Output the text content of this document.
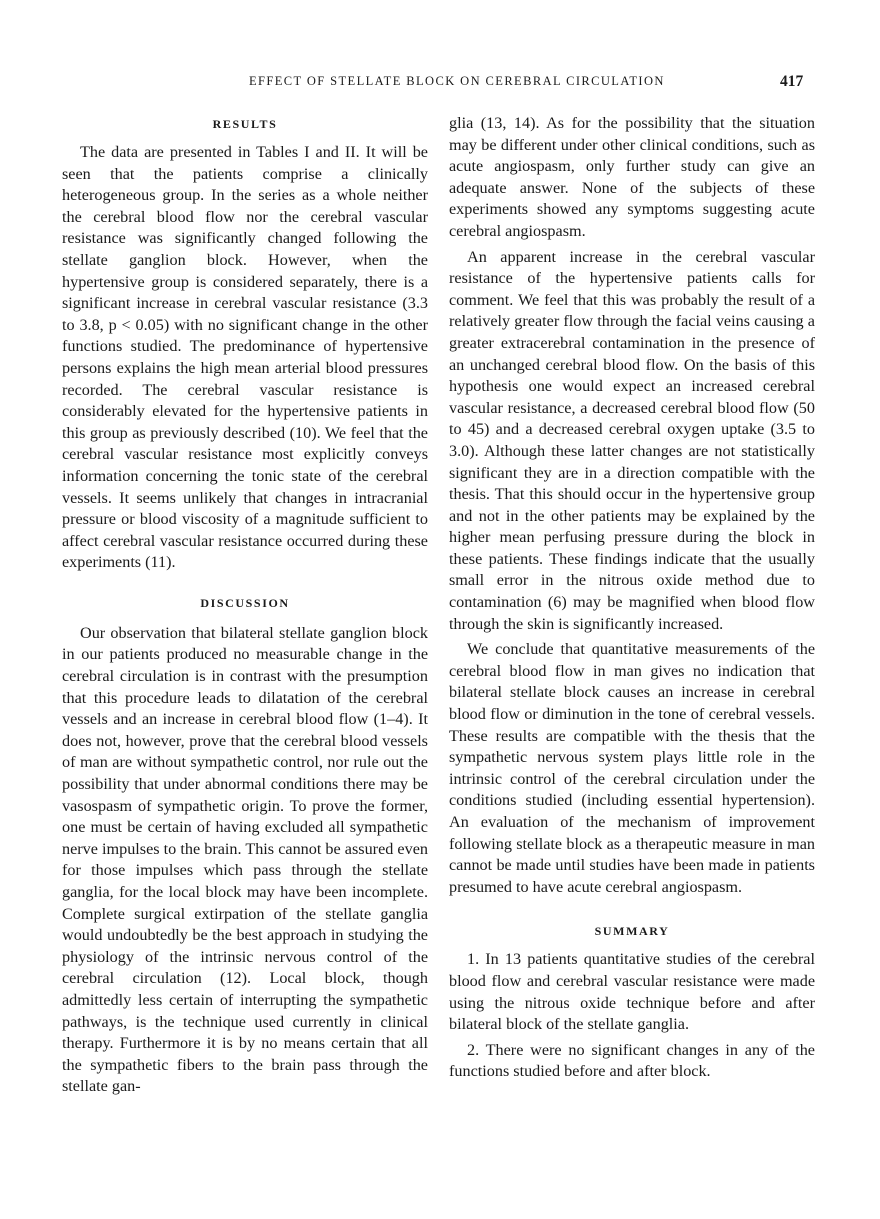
EFFECT OF STELLATE BLOCK ON CEREBRAL CIRCULATION	417
RESULTS

The data are presented in Tables I and II. It will be seen that the patients comprise a clinically heterogeneous group. In the series as a whole neither the cerebral blood flow nor the cerebral vascular resistance was significantly changed following the stellate ganglion block. However, when the hypertensive group is considered separately, there is a significant increase in cerebral vascular resistance (3.3 to 3.8, p < 0.05) with no significant change in the other functions studied. The predominance of hypertensive persons explains the high mean arterial blood pressures recorded. The cerebral vascular resistance is considerably elevated for the hypertensive patients in this group as previously described (10). We feel that the cerebral vascular resistance most explicitly conveys information concerning the tonic state of the cerebral vessels. It seems unlikely that changes in intracranial pressure or blood viscosity of a magnitude sufficient to affect cerebral vascular resistance occurred during these experiments (11).

DISCUSSION

Our observation that bilateral stellate ganglion block in our patients produced no measurable change in the cerebral circulation is in contrast with the presumption that this procedure leads to dilatation of the cerebral vessels and an increase in cerebral blood flow (1–4). It does not, however, prove that the cerebral blood vessels of man are without sympathetic control, nor rule out the possibility that under abnormal conditions there may be vasospasm of sympathetic origin. To prove the former, one must be certain of having excluded all sympathetic nerve impulses to the brain. This cannot be assured even for those impulses which pass through the stellate ganglia, for the local block may have been incomplete. Complete surgical extirpation of the stellate ganglia would undoubtedly be the best approach in studying the physiology of the intrinsic nervous control of the cerebral circulation (12). Local block, though admittedly less certain of interrupting the sympathetic pathways, is the technique used currently in clinical therapy. Furthermore it is by no means certain that all the sympathetic fibers to the brain pass through the stellate gan-

glia (13, 14). As for the possibility that the situation may be different under other clinical conditions, such as acute angiospasm, only further study can give an adequate answer. None of the subjects of these experiments showed any symptoms suggesting acute cerebral angiospasm.

An apparent increase in the cerebral vascular resistance of the hypertensive patients calls for comment. We feel that this was probably the result of a relatively greater flow through the facial veins causing a greater extracerebral contamination in the presence of an unchanged cerebral blood flow. On the basis of this hypothesis one would expect an increased cerebral vascular resistance, a decreased cerebral blood flow (50 to 45) and a decreased cerebral oxygen uptake (3.5 to 3.0). Although these latter changes are not statistically significant they are in a direction compatible with the thesis. That this should occur in the hypertensive group and not in the other patients may be explained by the higher mean perfusing pressure during the block in these patients. These findings indicate that the usually small error in the nitrous oxide method due to contamination (6) may be magnified when blood flow through the skin is significantly increased.

We conclude that quantitative measurements of the cerebral blood flow in man gives no indication that bilateral stellate block causes an increase in cerebral blood flow or diminution in the tone of cerebral vessels. These results are compatible with the thesis that the sympathetic nervous system plays little role in the intrinsic control of the cerebral circulation under the conditions studied (including essential hypertension). An evaluation of the mechanism of improvement following stellate block as a therapeutic measure in man cannot be made until studies have been made in patients presumed to have acute cerebral angiospasm.

SUMMARY

1. In 13 patients quantitative studies of the cerebral blood flow and cerebral vascular resistance were made using the nitrous oxide technique before and after bilateral block of the stellate ganglia.

2. There were no significant changes in any of the functions studied before and after block.
